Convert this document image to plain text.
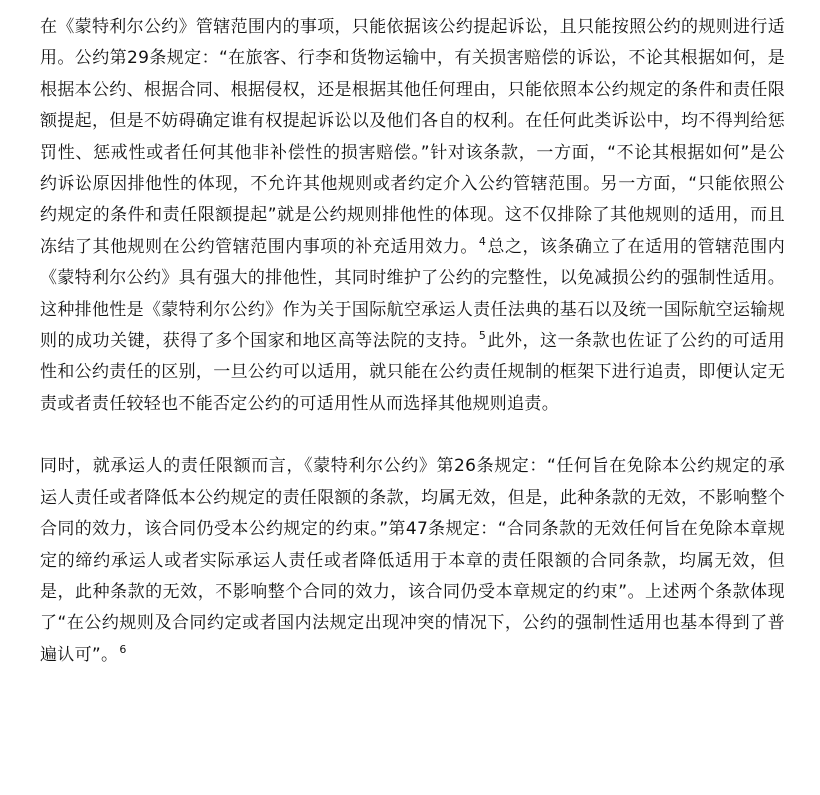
在《蒙特利尔公约》管辖范围内的事项，只能依据该公约提起诉讼，且只能按照公约的规则进行适用。公约第29条规定：“在旅客、行李和货物运输中，有关损害赔偿的诉讼，不论其根据如何，是根据本公约、根据合同、根据侵权，还是根据其他任何理由，只能依照本公约规定的条件和责任限额提起，但是不妨碍确定谁有权提起诉讼以及他们各自的权利。在任何此类诉讼中，均不得判给惩罚性、惩戒性或者任何其他非补偿性的损害赔偿。”针对该条款，一方面，“不论其根据如何”是公约诉讼原因排他性的体现，不允许其他规则或者约定介入公约管辖范围。另一方面，“只能依照公约规定的条件和责任限额提起”就是公约规则排他性的体现。这不仅排除了其他规则的适用，而且冻结了其他规则在公约管辖范围内事项的补充适用效力。$^4$总之，该条确立了在适用的管辖范围内《蒙特利尔公约》具有强大的排他性，其同时维护了公约的完整性，以免减损公约的强制性适用。这种排他性是《蒙特利尔公约》作为关于国际航空承运人责任法典的基石以及统一国际航空运输规则的成功关键，获得了多个国家和地区高等法院的支持。$^5$此外，这一条款也佐证了公约的可适用性和公约责任的区别，一旦公约可以适用，就只能在公约责任规制的框架下进行追责，即便认定无责或者责任较轻也不能否定公约的可适用性从而选择其他规则追责。

同时，就承运人的责任限额而言，《蒙特利尔公约》第26条规定：“任何旨在免除本公约规定的承运人责任或者降低本公约规定的责任限额的条款，均属无效，但是，此种条款的无效，不影响整个合同的效力，该合同仍受本公约规定的约束。”第47条规定：“合同条款的无效任何旨在免除本章规定的缔约承运人或者实际承运人责任或者降低适用于本章的责任限额的合同条款，均属无效，但是，此种条款的无效，不影响整个合同的效力，该合同仍受本章规定的约束”。上述两个条款体现了“在公约规则及合同约定或者国内法规定出现冲突的情况下，公约的强制性适用也基本得到了普遍认可”。$^6$
